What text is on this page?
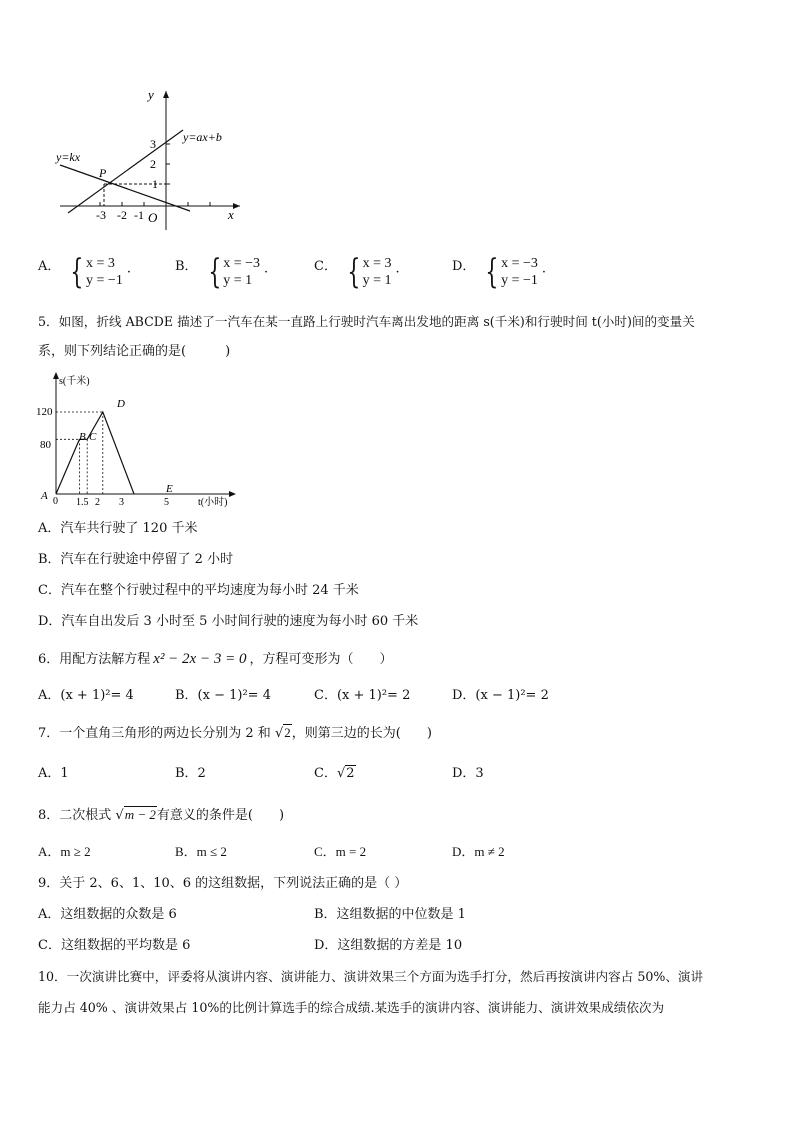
y
x
O
y=ax+b
y=kx
P
3
2
1
-3 -2 -1
A． { x = 3
y = −1
·	B． { x = −3
y = 1
·	C． { x = 3
y = 1
·	D． { x = −3
y = −1
·
5．如图，折线 ABCDE 描述了一汽车在某一直路上行驶时汽车离出发地的距离 s(千米)和行驶时间 t(小时)间的变量关
系，则下列结论正确的是(　　　)
s(千米)
t(小时)
120
80
0 1.5 2 3	5
A
B C
D
E
A．汽车共行驶了 120 千米
B．汽车在行驶途中停留了 2 小时
C．汽车在整个行驶过程中的平均速度为每小时 24 千米
D．汽车自出发后 3 小时至 5 小时间行驶的速度为每小时 60 千米
6．用配方法解方程 x² − 2x − 3 = 0 ，方程可变形为（　　）
A．(x + 1)²= 4	B．(x − 1)²= 4	C．(x + 1)²= 2	D．(x − 1)²= 2
7．一个直角三角形的两边长分别为 2 和 √2，则第三边的长为(　　)
A．1	B．2	C．√2	D．3
8．二次根式 √m − 2有意义的条件是(　　)
A．m ≥ 2	B．m ≤ 2	C．m = 2	D．m ≠ 2
9．关于 2、6、1、10、6 的这组数据，下列说法正确的是（ ）
A．这组数据的众数是 6	B．这组数据的中位数是 1
C．这组数据的平均数是 6	D．这组数据的方差是 10
10．一次演讲比赛中，评委将从演讲内容、演讲能力、演讲效果三个方面为选手打分，然后再按演讲内容占 50%、演讲
能力占 40% 、演讲效果占 10%的比例计算选手的综合成绩.某选手的演讲内容、演讲能力、演讲效果成绩依次为
